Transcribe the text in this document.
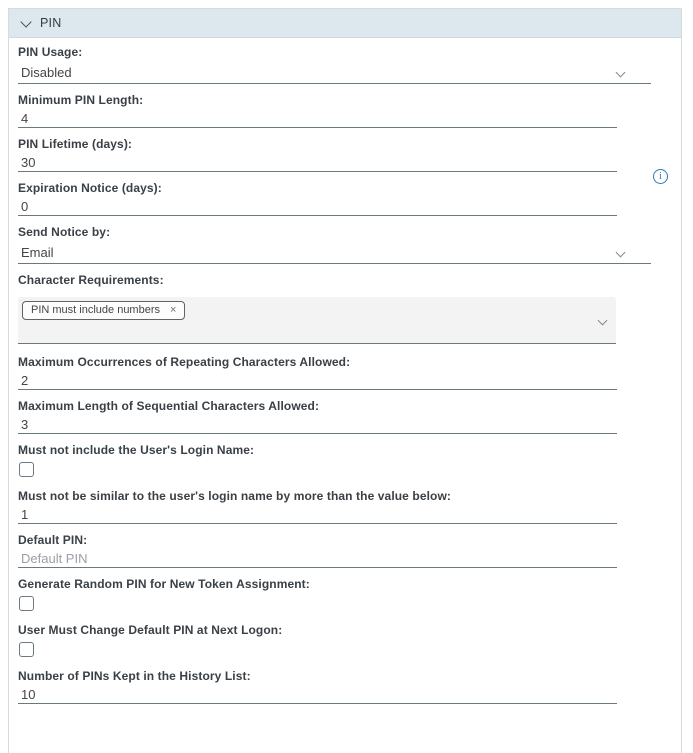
PIN
PIN Usage:
Disabled
Minimum PIN Length:
4
PIN Lifetime (days):
30
Expiration Notice (days):
0
Send Notice by:
Email
Character Requirements:
PIN must include numbers ×
Maximum Occurrences of Repeating Characters Allowed:
2
Maximum Length of Sequential Characters Allowed:
3
Must not include the User's Login Name:
Must not be similar to the user's login name by more than the value below:
1
Default PIN:
Default PIN
Generate Random PIN for New Token Assignment:
User Must Change Default PIN at Next Logon:
Number of PINs Kept in the History List:
10
i
